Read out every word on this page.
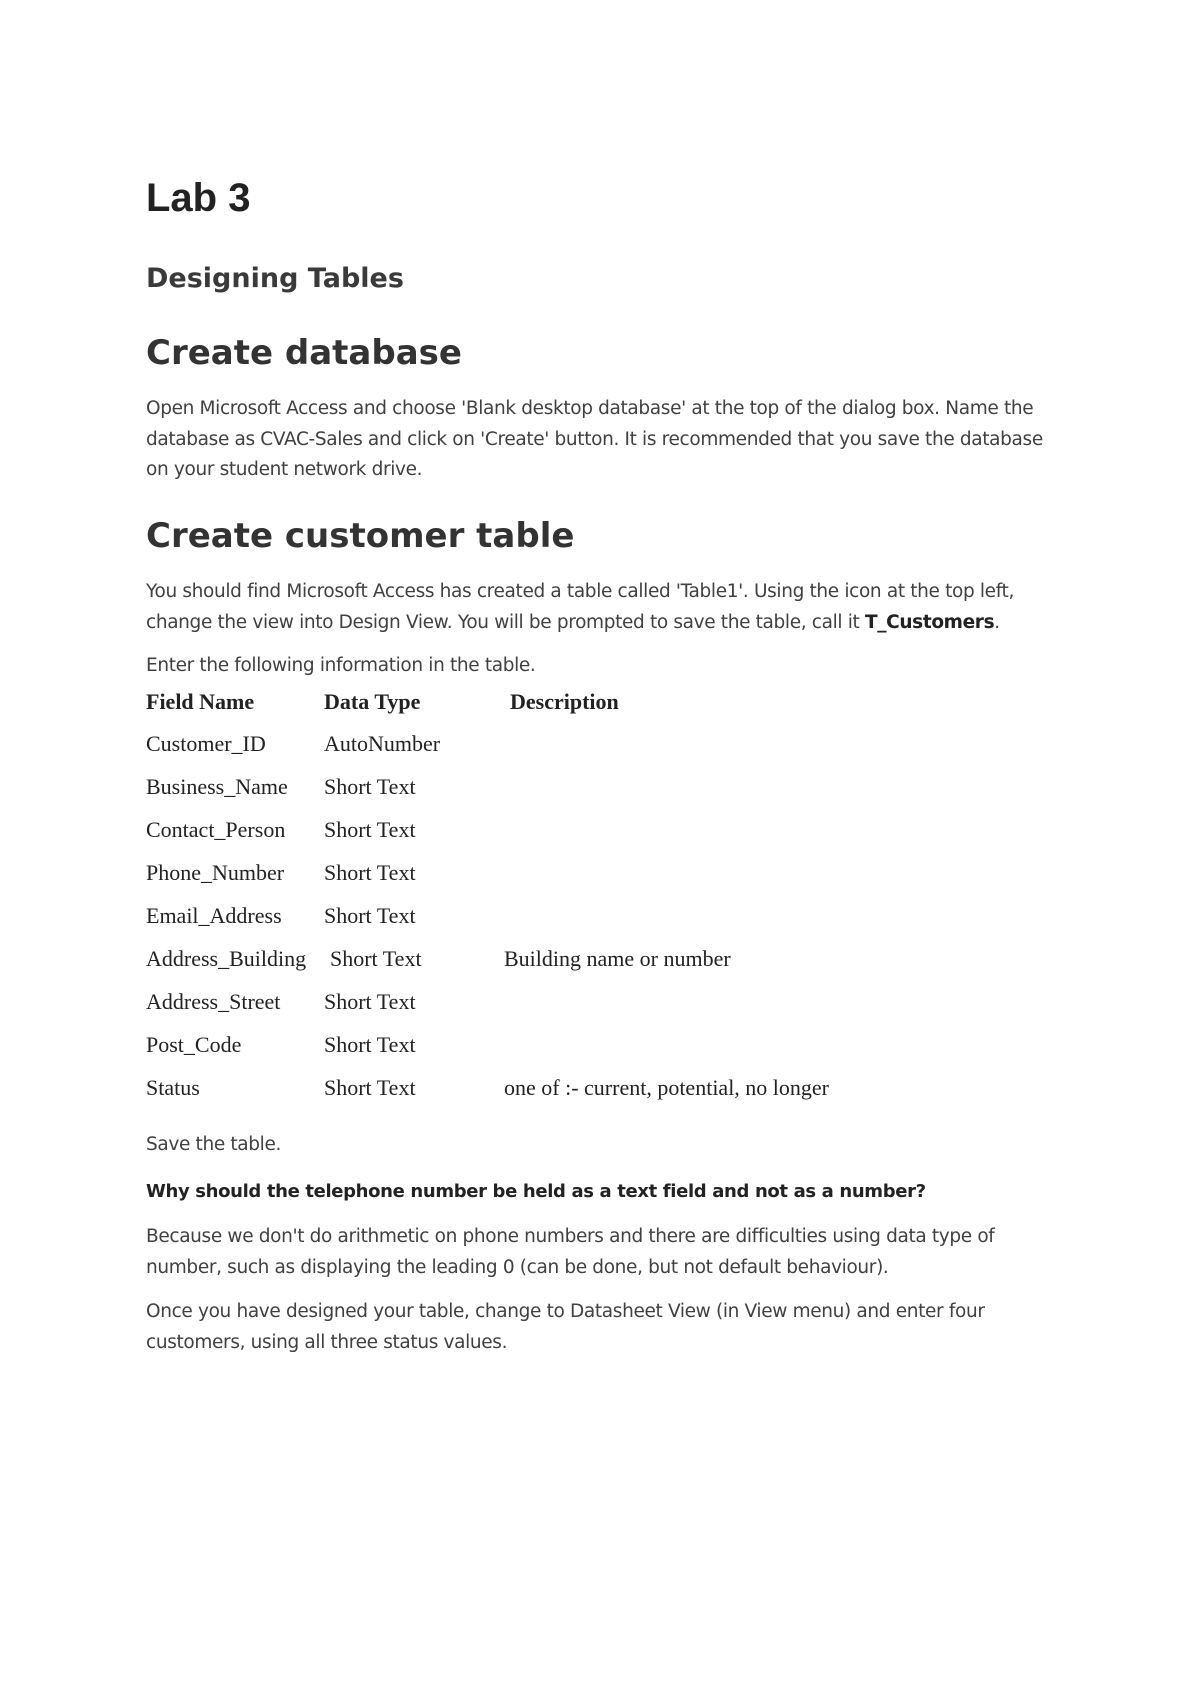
Lab 3
Designing Tables
Create database

Open Microsoft Access and choose 'Blank desktop database' at the top of the dialog box. Name the
database as CVAC-Sales and click on 'Create' button. It is recommended that you save the database
on your student network drive.

Create customer table

You should find Microsoft Access has created a table called 'Table1'. Using the icon at the top left,
change the view into Design View. You will be prompted to save the table, call it T_Customers.

Enter the following information in the table.

Field Name	Data Type	Description
Customer_ID	AutoNumber	
Business_Name	Short Text	
Contact_Person	Short Text	
Phone_Number	Short Text	
Email_Address	Short Text	
Address_Building	Short Text	Building name or number
Address_Street	Short Text	
Post_Code	Short Text	
Status	Short Text	one of :- current, potential, no longer

Save the table.

Why should the telephone number be held as a text field and not as a number?

Because we don't do arithmetic on phone numbers and there are difficulties using data type of
number, such as displaying the leading 0 (can be done, but not default behaviour).

Once you have designed your table, change to Datasheet View (in View menu) and enter four
customers, using all three status values.
